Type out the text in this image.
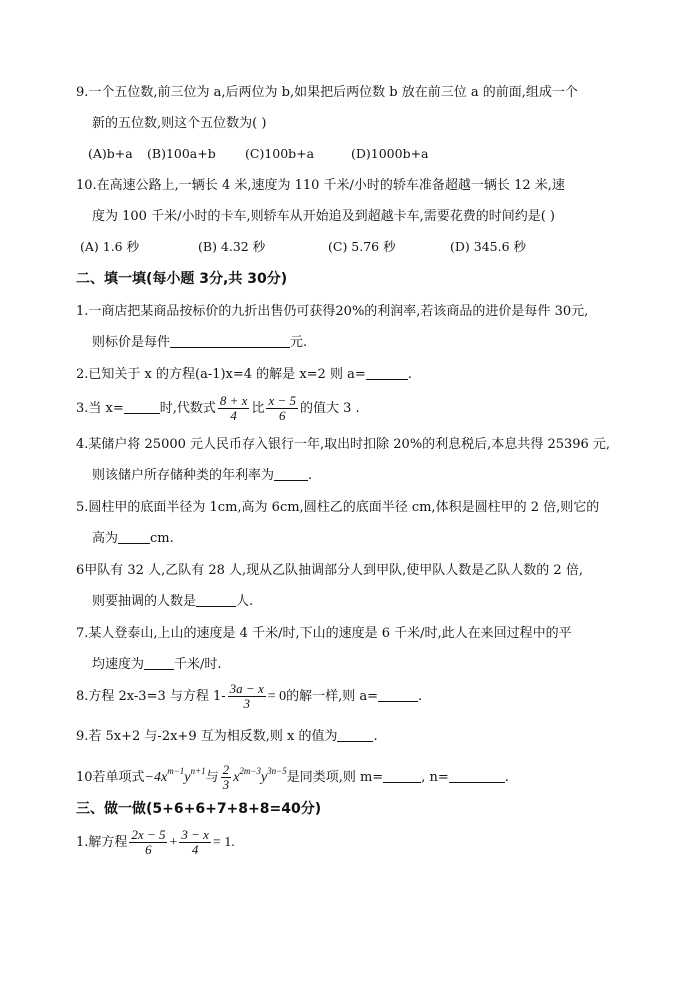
9.一个五位数,前三位为 a,后两位为 b,如果把后两位数 b 放在前三位 a 的前面,组成一个
新的五位数,则这个五位数为( )
(A)b+a (B)100a+b (C)100b+a	(D)1000b+a
10.在高速公路上,一辆长 4 米,速度为 110 千米/小时的轿车准备超越一辆长 12 米,速
度为 100 千米/小时的卡车,则轿车从开始追及到超越卡车,需要花费的时间约是( )
(A) 1.6 秒	(B) 4.32 秒	(C) 5.76 秒	(D) 345.6 秒
二、填一填(每小题 3分,共 30分)
1.一商店把某商品按标价的九折出售仍可获得20%的利润率,若该商品的进价是每件 30元,
则标价是每件	元.
2.已知关于 x 的方程(a-1)x=4 的解是 x=2 则 a=	.
3.当 x=	时,代数式 $\frac{8 + x}{4}$ 比 $\frac{x - 5}{6}$ 的值大 3 .
4.某储户将 25000 元人民币存入银行一年,取出时扣除 20%的利息税后,本息共得 25396 元,
则该储户所存储种类的年利率为	.
5.圆柱甲的底面半径为 1cm,高为 6cm,圆柱乙的底面半径 cm,体积是圆柱甲的 2 倍,则它的
高为 cm.
6甲队有 32 人,乙队有 28 人,现从乙队抽调部分人到甲队,使甲队人数是乙队人数的 2 倍,
则要抽调的人数是	人.
7.某人登泰山,上山的速度是 4 千米/时,下山的速度是 6 千米/时,此人在来回过程中的平
均速度为 千米/时.
8.方程 2x-3=3 与方程 $1- \frac{3a - x}{3} = 0$的解一样,则 a=	.
9.若 5x+2 与-2x+9 互为相反数,则 x 的值为	.
10若单项式$-4x^{m-1}y^{n+1}$与 $\frac{2}{3} x^{2m-3}y^{3n-5}$是同类项,则 m=	, n=	.
三、做一做(5+6+6+7+8+8=40分)
1.解方程 $\frac{2x - 5}{6} + \frac{3 - x}{4} = 1$.
